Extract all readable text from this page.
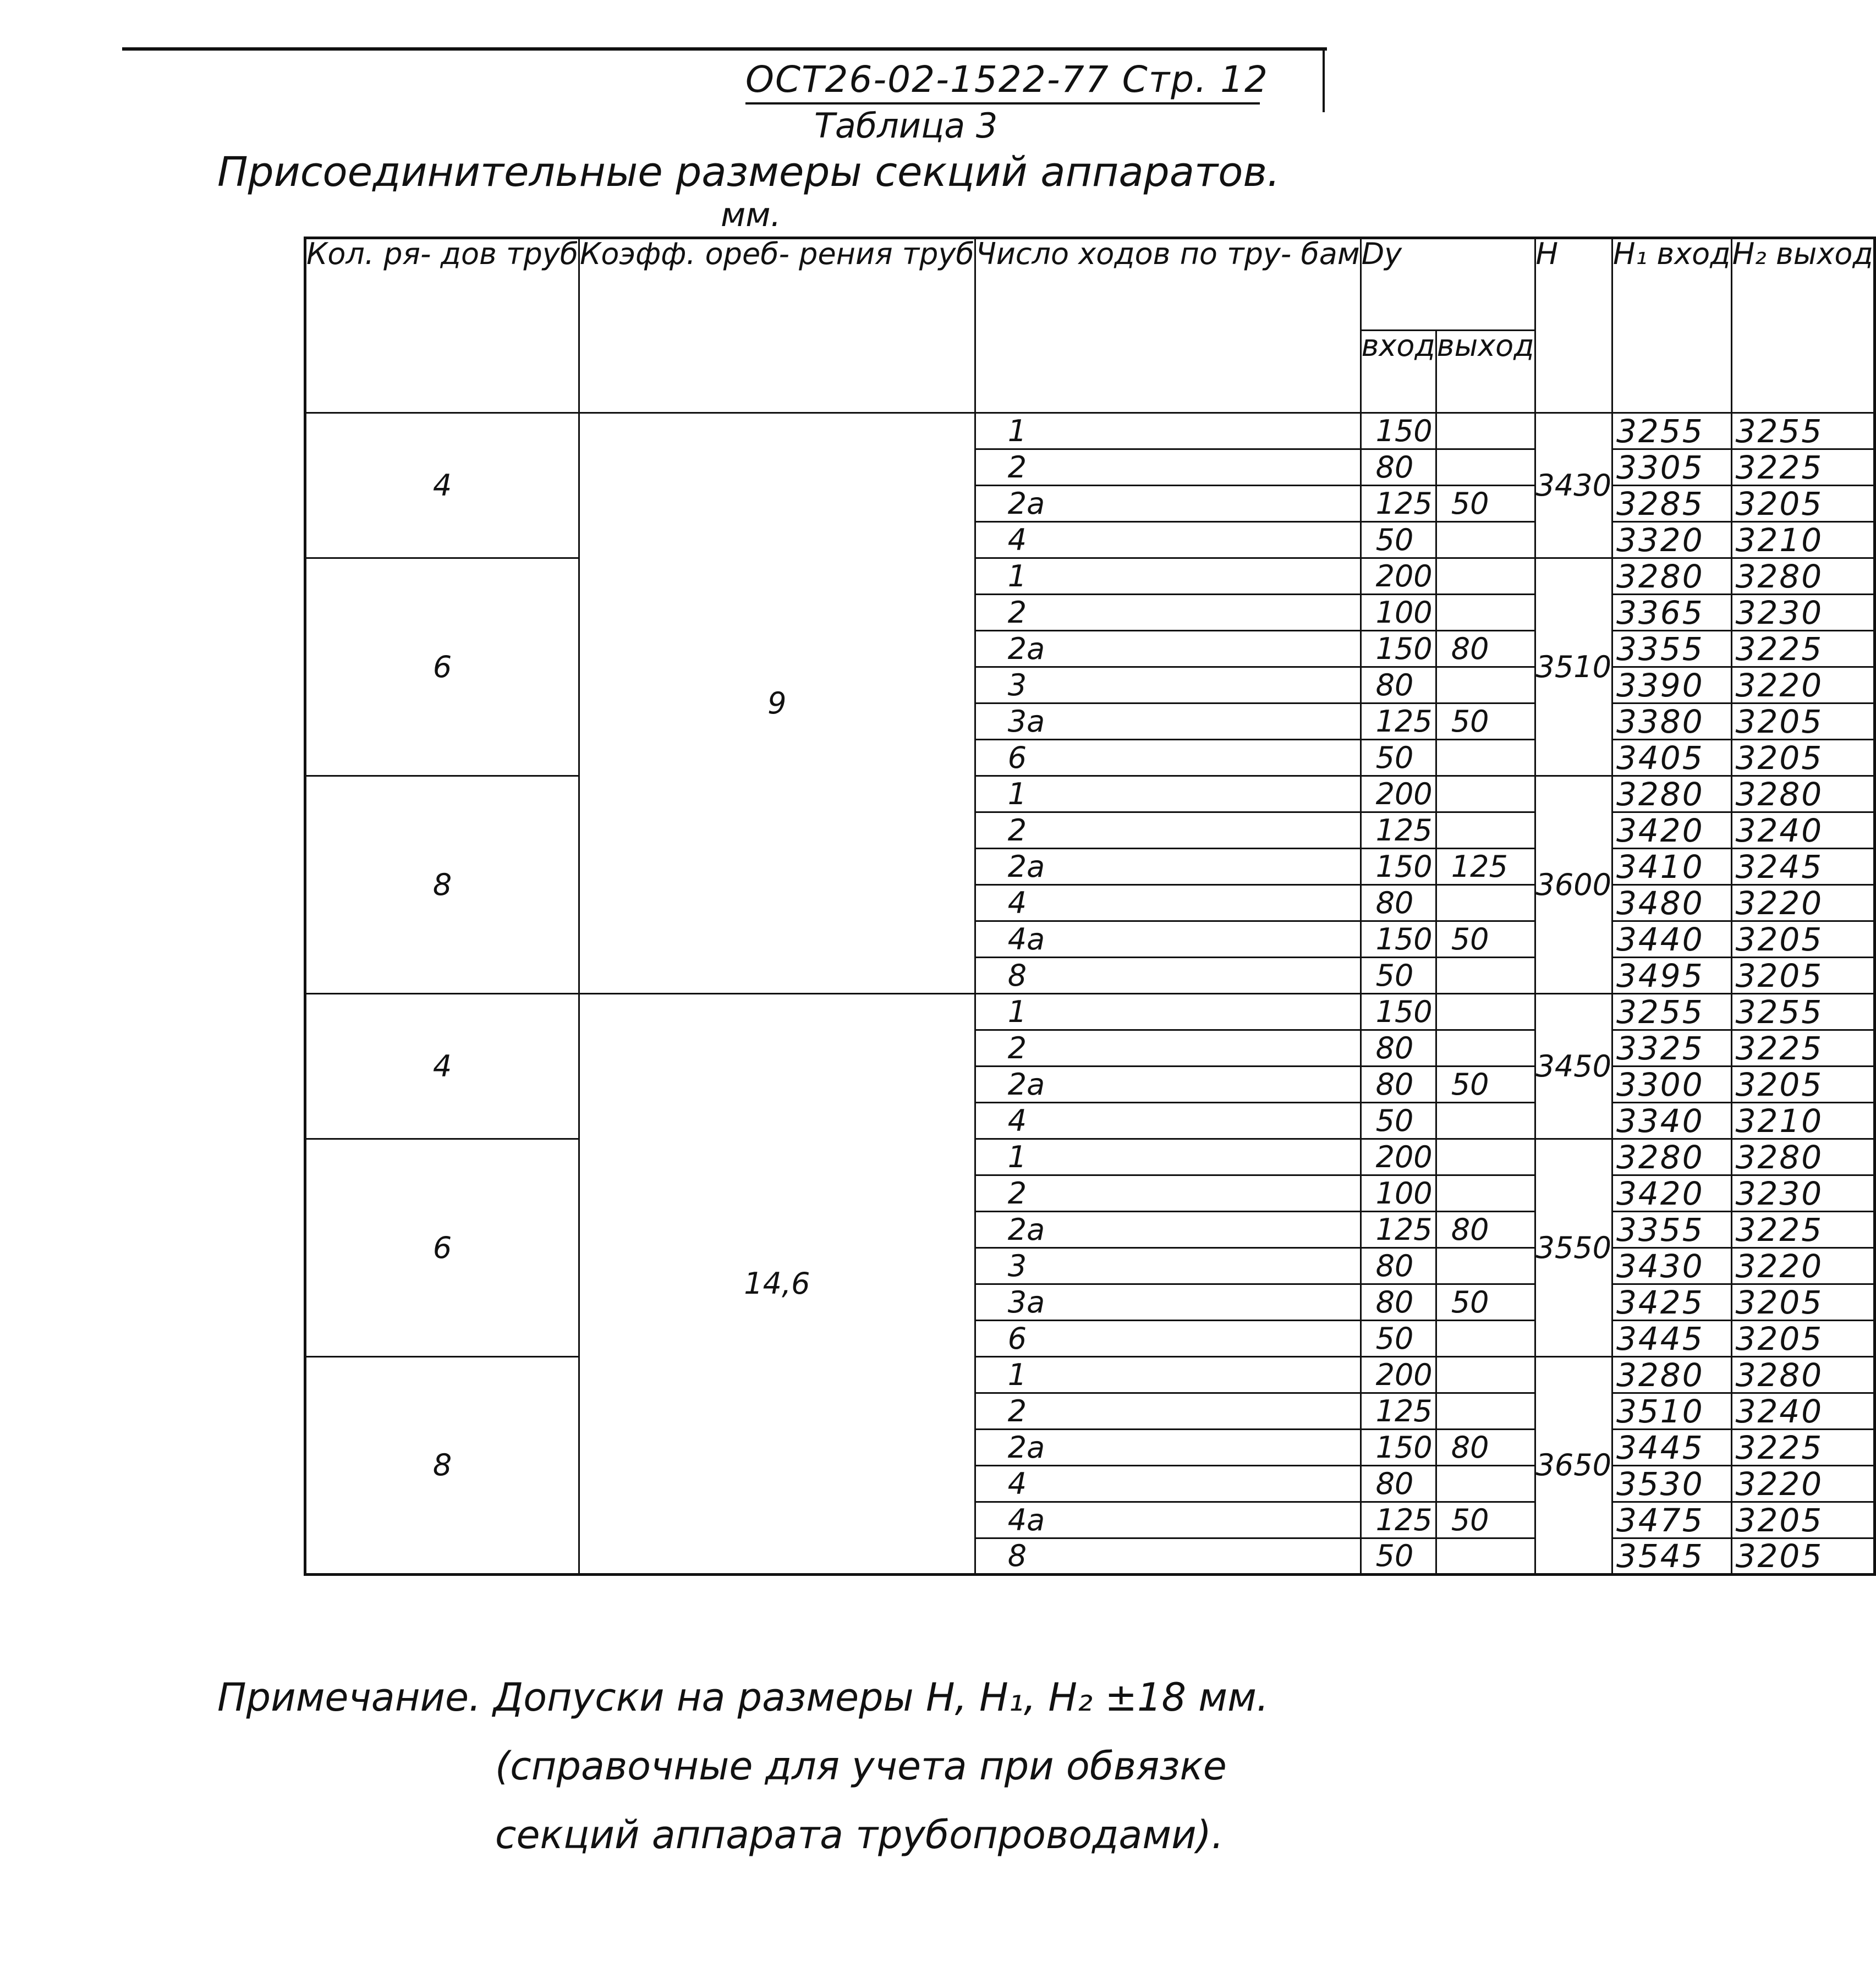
ОСТ26-02-1522-77 Стр. 12
Таблица 3
Присоединительные размеры секций аппаратов.
мм.
Кол. ря- дов труб	Коэфф. ореб- рения труб	Число ходов по тру- бам	Dу		H	H₁ вход	H₂ выход
			вход	выход			
4	9	1	150		3430	3255	3255
		2	80			3305	3225
		2а	125	50		3285	3205
		4	50			3320	3210
6		1	200		3510	3280	3280
		2	100			3365	3230
		2а	150	80		3355	3225
		3	80			3390	3220
		3а	125	50		3380	3205
		6	50			3405	3205
8		1	200		3600	3280	3280
		2	125			3420	3240
		2а	150	125		3410	3245
		4	80			3480	3220
		4а	150	50		3440	3205
		8	50			3495	3205
4	14,6	1	150		3450	3255	3255
		2	80			3325	3225
		2а	80	50		3300	3205
		4	50			3340	3210
6		1	200		3550	3280	3280
		2	100			3420	3230
		2а	125	80		3355	3225
		3	80			3430	3220
		3а	80	50		3425	3205
		6	50			3445	3205
8		1	200		3650	3280	3280
		2	125			3510	3240
		2а	150	80		3445	3225
		4	80			3530	3220
		4а	125	50		3475	3205
		8	50			3545	3205
Примечание. Допуски на размеры H, H₁, H₂ ±18 мм.
(справочные для учета при обвязке
секций аппарата трубопроводами).
